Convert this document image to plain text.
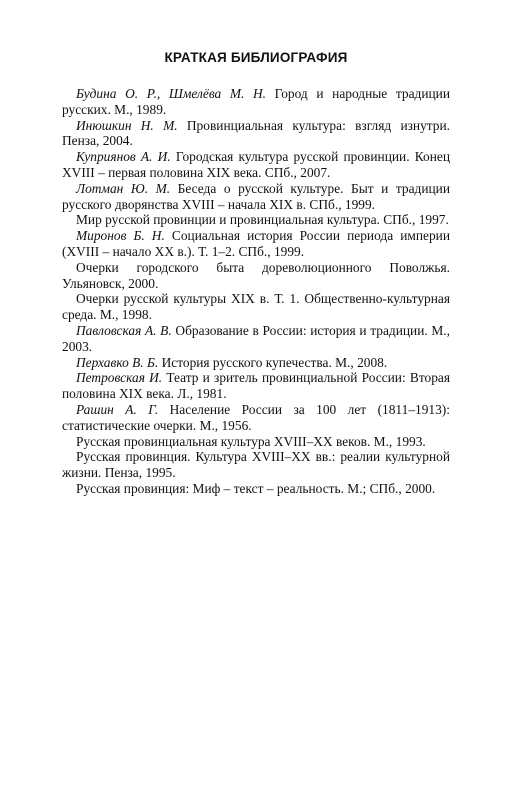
КРАТКАЯ БИБЛИОГРАФИЯ
Будина О. Р., Шмелёва М. Н. Город и народные традиции русских. М., 1989.
Инюшкин Н. М. Провинциальная культура: взгляд изнутри. Пенза, 2004.
Куприянов А. И. Городская культура русской провинции. Конец XVIII – первая половина XIX века. СПб., 2007.
Лотман Ю. М. Беседа о русской культуре. Быт и традиции русского дворянства XVIII – начала XIX в. СПб., 1999.
Мир русской провинции и провинциальная культура. СПб., 1997.
Миронов Б. Н. Социальная история России периода империи (XVIII – начало XX в.). Т. 1–2. СПб., 1999.
Очерки городского быта дореволюционного Поволжья. Ульяновск, 2000.
Очерки русской культуры XIX в. Т. 1. Общественно-культурная среда. М., 1998.
Павловская А. В. Образование в России: история и традиции. М., 2003.
Перхавко В. Б. История русского купечества. М., 2008.
Петровская И. Театр и зритель провинциальной России: Вторая половина XIX века. Л., 1981.
Рашин А. Г. Население России за 100 лет (1811–1913): статистические очерки. М., 1956.
Русская провинциальная культура XVIII–XX веков. М., 1993.
Русская провинция. Культура XVIII–XX вв.: реалии культурной жизни. Пенза, 1995.
Русская провинция: Миф – текст – реальность. М.; СПб., 2000.
